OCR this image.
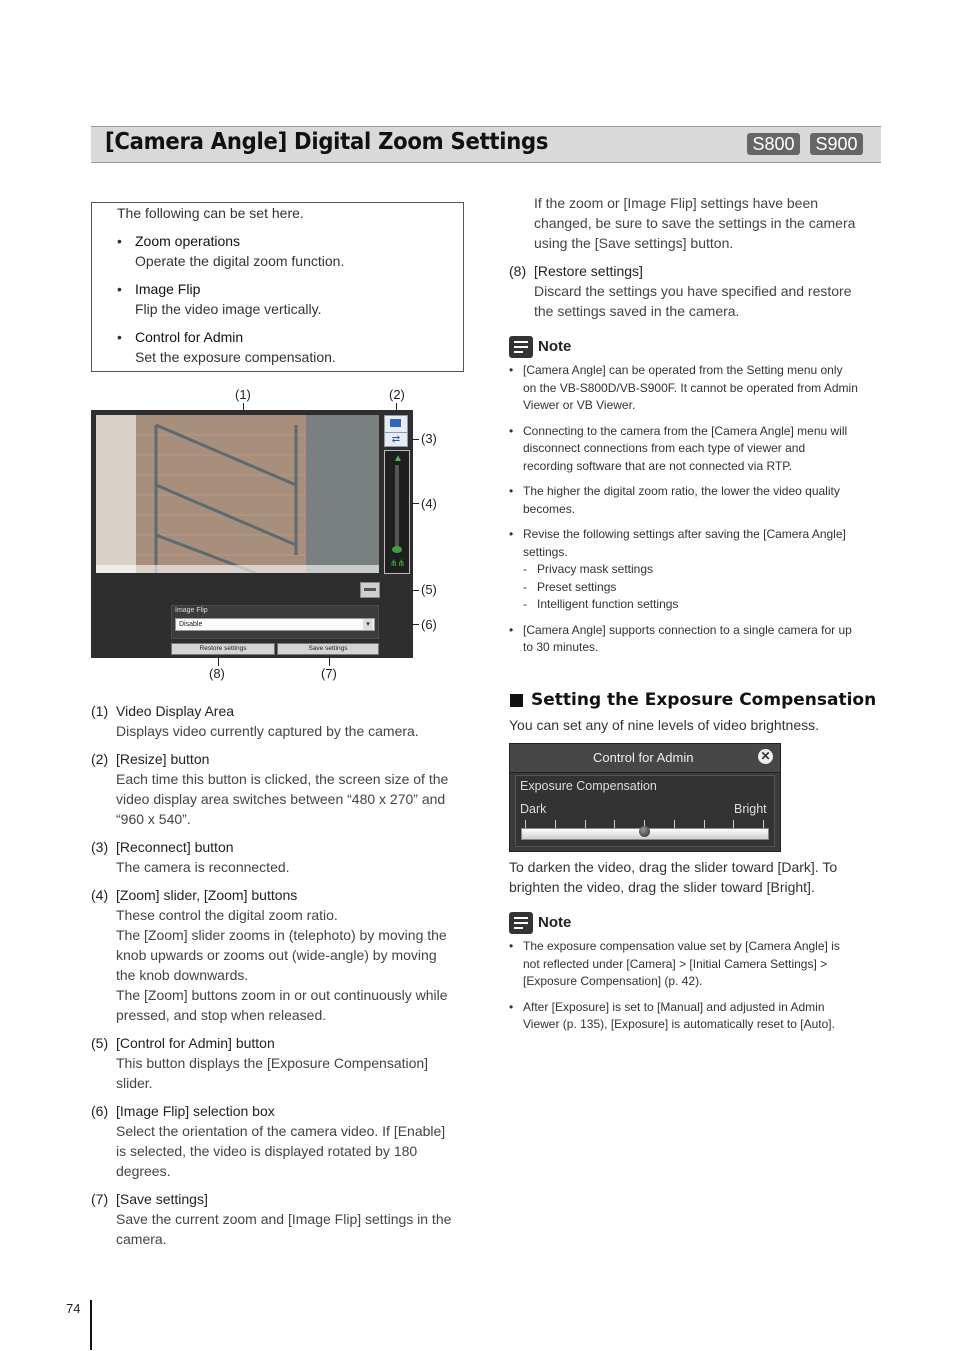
[Camera Angle] Digital Zoom Settings	S800	S900
The following can be set here.
• Zoom operations
Operate the digital zoom function.
• Image Flip
Flip the video image vertically.
• Control for Admin
Set the exposure compensation.
(1)	(2)
(3)
(4)
(5)
(6)
(7)
(8)
⇄
▲
⋔⋔
Image Flip
Disable	▾
Restore settings	Save settings
(1) Video Display Area
Displays video currently captured by the camera.
(2) [Resize] button
Each time this button is clicked, the screen size of the
video display area switches between “480 x 270” and
“960 x 540”.
(3) [Reconnect] button
The camera is reconnected.
(4) [Zoom] slider, [Zoom] buttons
These control the digital zoom ratio.
The [Zoom] slider zooms in (telephoto) by moving the
knob upwards or zooms out (wide-angle) by moving
the knob downwards.
The [Zoom] buttons zoom in or out continuously while
pressed, and stop when released.
(5) [Control for Admin] button
This button displays the [Exposure Compensation]
slider.
(6) [Image Flip] selection box
Select the orientation of the camera video. If [Enable]
is selected, the video is displayed rotated by 180
degrees.
(7) [Save settings]
Save the current zoom and [Image Flip] settings in the
camera.
If the zoom or [Image Flip] settings have been
changed, be sure to save the settings in the camera
using the [Save settings] button.
(8) [Restore settings]
Discard the settings you have specified and restore
the settings saved in the camera.
Note
• [Camera Angle] can be operated from the Setting menu only
on the VB-S800D/VB-S900F. It cannot be operated from Admin
Viewer or VB Viewer.
• Connecting to the camera from the [Camera Angle] menu will
disconnect connections from each type of viewer and
recording software that are not connected via RTP.
• The higher the digital zoom ratio, the lower the video quality
becomes.
• Revise the following settings after saving the [Camera Angle]
settings.
- Privacy mask settings
- Preset settings
- Intelligent function settings
• [Camera Angle] supports connection to a single camera for up
to 30 minutes.
Setting the Exposure Compensation
You can set any of nine levels of video brightness.
Control for Admin	✕
Exposure Compensation
Dark	Bright
To darken the video, drag the slider toward [Dark]. To
brighten the video, drag the slider toward [Bright].
Note
• The exposure compensation value set by [Camera Angle] is
not reflected under [Camera] > [Initial Camera Settings] >
[Exposure Compensation] (p. 42).
• After [Exposure] is set to [Manual] and adjusted in Admin
Viewer (p. 135), [Exposure] is automatically reset to [Auto].
74
